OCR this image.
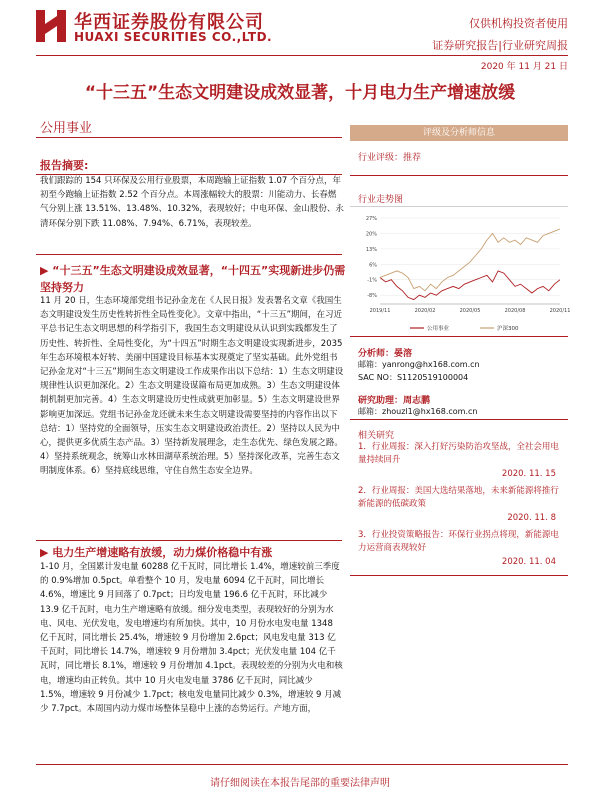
华西证券股份有限公司
HUAXI SECURITIES CO.,LTD.
仅供机构投资者使用
证券研究报告|行业研究周报
2020 年 11 月 21 日
“十三五”生态文明建设成效显著，十月电力生产增速放缓
公用事业
报告摘要:
我们跟踪的 154 只环保及公用行业股票，本周跑输上证指数 1.07 个百分点，年初至今跑输上证指数 2.52 个百分点。本周涨幅较大的股票：川能动力、长春燃气分别上涨 13.51%、13.48%、10.32%，表现较好；中电环保、金山股份、永清环保分别下跌 11.08%、7.94%、6.71%，表现较差。
▶ “十三五”生态文明建设成效显著，“十四五”实现新进步仍需坚持努力
11 月 20 日，生态环境部党组书记孙金龙在《人民日报》发表署名文章《我国生态文明建设发生历史性转折性全局性变化》。文章中指出，“十三五”期间，在习近平总书记生态文明思想的科学指引下，我国生态文明建设从认识到实践都发生了历史性、转折性、全局性变化，为“十四五”时期生态文明建设实现新进步，2035 年生态环境根本好转、美丽中国建设目标基本实现奠定了坚实基础。此外党组书记孙金龙对“十三五”期间生态文明建设工作成果作出以下总结：1）生态文明建设规律性认识更加深化。2）生态文明建设谋篇布局更加成熟。3）生态文明建设体制机制更加完善。4）生态文明建设历史性成就更加彰显。5）生态文明建设世界影响更加深远。党组书记孙金龙还就未来生态文明建设需要坚持的内容作出以下总结：1）坚持党的全面领导，压实生态文明建设政治责任。2）坚持以人民为中心，提供更多优质生态产品。3）坚持新发展理念，走生态优先、绿色发展之路。4）坚持系统观念，统筹山水林田湖草系统治理。5）坚持深化改革，完善生态文明制度体系。6）坚持底线思维，守住自然生态安全边界。
▶ 电力生产增速略有放缓，动力煤价格稳中有涨
1-10 月，全国累计发电量 60288 亿千瓦时，同比增长 1.4%，增速较前三季度的 0.9%增加 0.5pct。单看整个 10 月，发电量 6094 亿千瓦时，同比增长 4.6%，增速比 9 月回落了 0.7pct；日均发电量 196.6 亿千瓦时，环比减少 13.9 亿千瓦时，电力生产增速略有放缓。细分发电类型，表现较好的分别为水电、风电、光伏发电，发电增速均有所加快。其中，10 月份水电发电量 1348 亿千瓦时，同比增长 25.4%，增速较 9 月份增加 2.6pct；风电发电量 313 亿千瓦时，同比增长 14.7%，增速较 9 月份增加 3.4pct；光伏发电量 104 亿千瓦时，同比增长 8.1%，增速较 9 月份增加 4.1pct。表现较差的分别为火电和核电，增速均由正转负。其中 10 月火电发电量 3786 亿千瓦时，同比减少 1.5%，增速较 9 月份减少 1.7pct；核电发电量同比减少 0.3%，增速较 9 月减少 7.7pct。本周国内动力煤市场整体呈稳中上涨的态势运行。产地方面，
评级及分析师信息
行业评级：推荐
行业走势图
27%
20%
13%
6%
-1%
-8%
2019/11	2020/02	2020/05	2020/08	2020/11
公用事业	沪深300
分析师：晏溶
邮箱：yanrong@hx168.com.cn
SAC NO：S1120519100004
研究助理：周志鹏
邮箱：zhouzl1@hx168.com.cn
相关研究
1．行业周报：深入打好污染防治攻坚战，全社会用电量持续回升
2020. 11. 15
2．行业周报：美国大选结果落地，未来新能源将推行新能源的低碳政策
2020. 11. 8
3．行业投资策略报告：环保行业拐点将现，新能源电力运营商表现较好
2020. 11. 04
请仔细阅读在本报告尾部的重要法律声明
